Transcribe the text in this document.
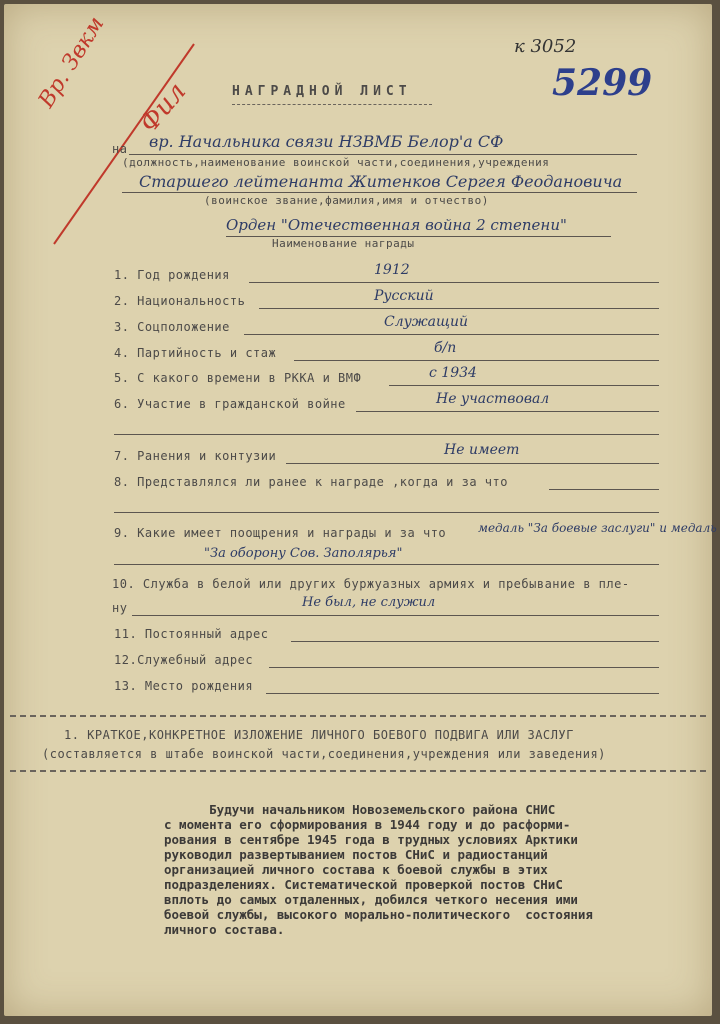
Вр. Звкм Фил
к 3052
5299
НАГРАДНОЙ ЛИСТ
на вр. Начальника связи НЗВМБ Белор'а СФ
(должность,наименование воинской части,соединения,учреждения
Старшего лейтенанта Житенков Сергея Феодановича
(воинское звание,фамилия,имя и отчество)
Орден "Отечественная война 2 степени"
Наименование награды
1. Год рождения	1912
2. Национальность	Русский
3. Соцположение	Служащий
4. Партийность и стаж	б/п
5. С какого времени в РККА и ВМФ	с 1934
6. Участие в гражданской войне	Не участвовал
7. Ранения и контузии	Не имеет
8. Представлялся ли ранее к награде ,когда и за что
9. Какие имеет поощрения и награды и за что	медаль "За боевые заслуги" и медаль
"За оборону Сов. Заполярья"
10. Служба в белой или других буржуазных армиях и пребывание в пле-
ну	Не был, не служил
11. Постоянный адрес
12.Служебный адрес
13. Место рождения
1. КРАТКОЕ,КОНКРЕТНОЕ ИЗЛОЖЕНИЕ ЛИЧНОГО БОЕВОГО ПОДВИГА ИЛИ ЗАСЛУГ
(составляется в штабе воинской части,соединения,учреждения или заведения)
Будучи начальником Новоземельского района СНИС
с момента его сформирования в 1944 году и до расформи-
рования в сентябре 1945 года в трудных условиях Арктики
руководил развертыванием постов СНиС и радиостанций
организацией личного состава к боевой службы в этих
подразделениях. Систематической проверкой постов СНиС
вплоть до самых отдаленных, добился четкого несения ими
боевой службы, высокого морально-политического  состояния
личного состава.
